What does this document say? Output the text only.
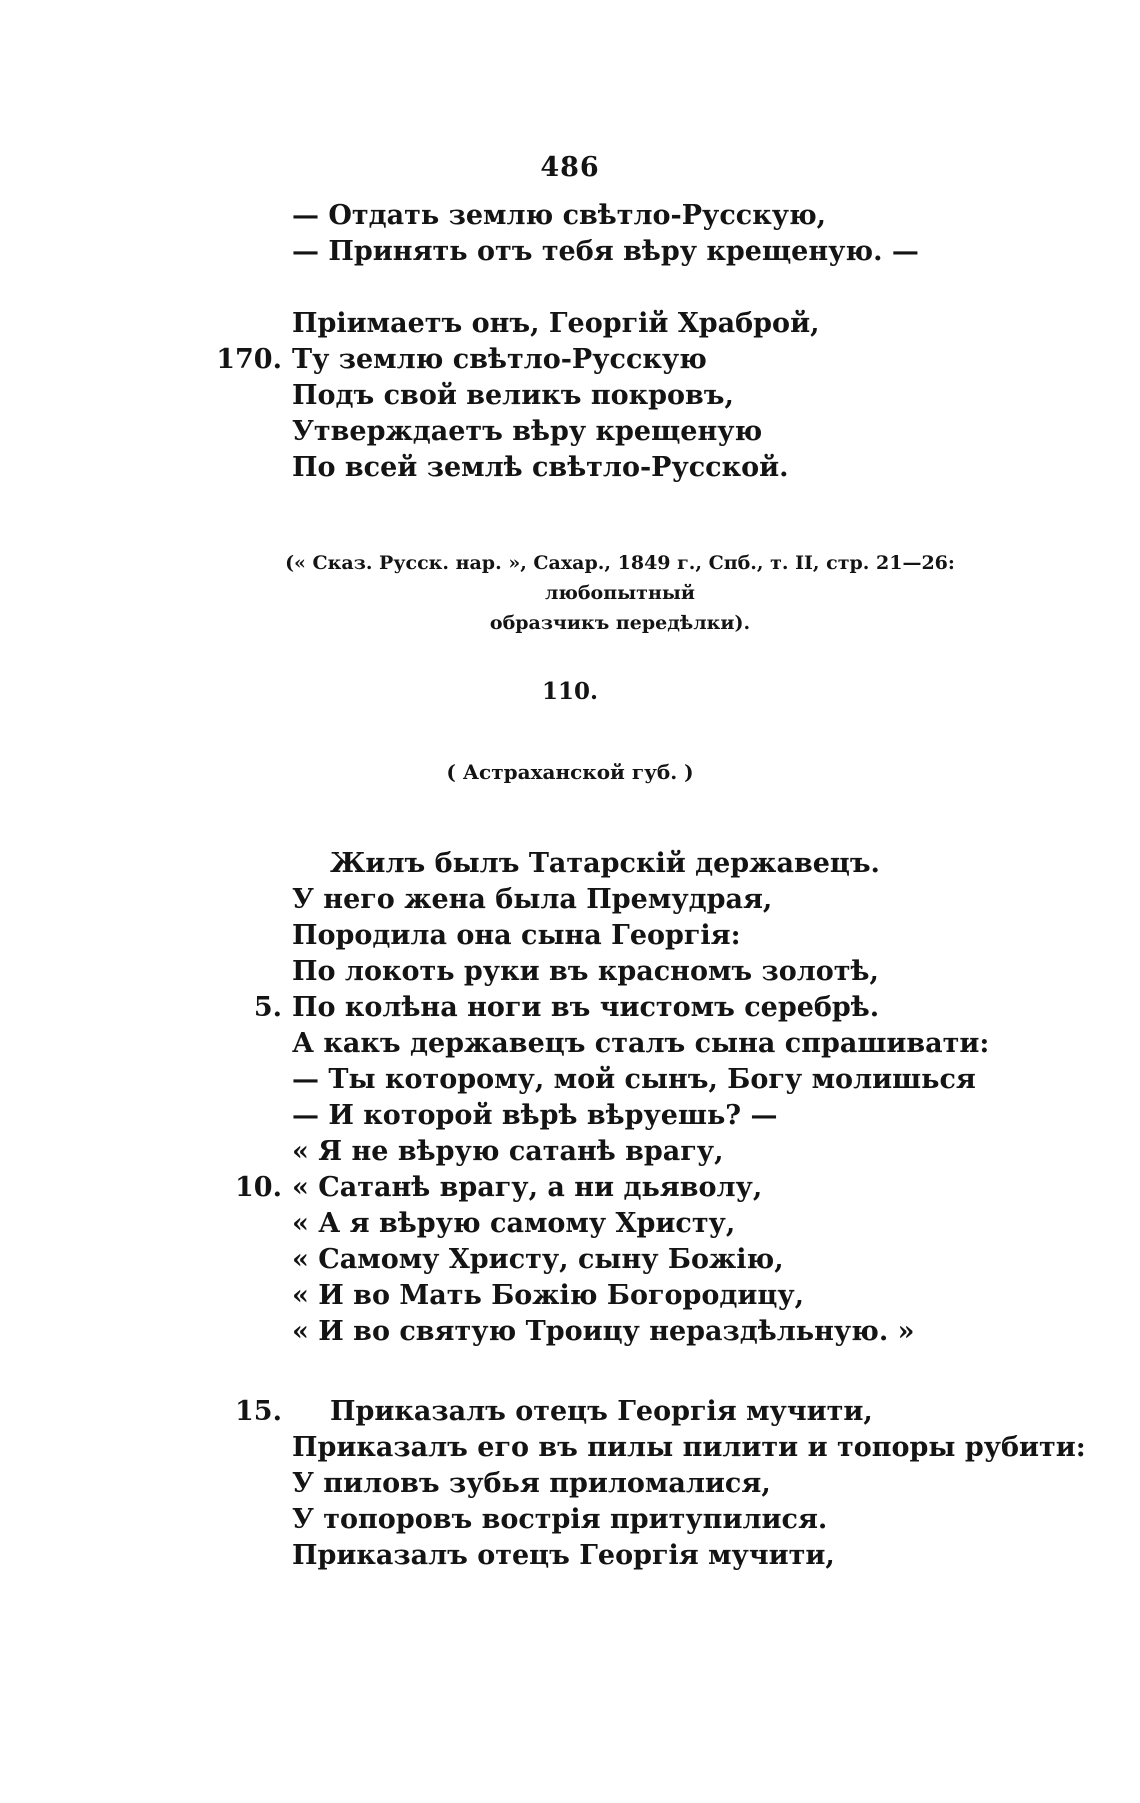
486
— Отдать землю свѣтло-Русскую,
— Принять отъ тебя вѣру крещеную. —
Пріимаетъ онъ, Георгій Храброй,
170. Ту землю свѣтло-Русскую
Подъ свой великъ покровъ,
Утверждаетъ вѣру крещеную
По всей землѣ свѣтло-Русской.
(« Сказ. Русск. нар. », Сахар., 1849 г., Спб., т. II, стр. 21—26: любопытный
образчикъ передѣлки).
110.
( Астраханской губ. )
Жилъ былъ Татарскій державецъ.
У него жена была Премудрая,
Породила она сына Георгія:
По локоть руки въ красномъ золотѣ,
5. По колѣна ноги въ чистомъ серебрѣ.
А какъ державецъ сталъ сына спрашивати:
— Ты которому, мой сынъ, Богу молишься
— И которой вѣрѣ вѣруешь? —
« Я не вѣрую сатанѣ врагу,
10. « Сатанѣ врагу, а ни дьяволу,
« А я вѣрую самому Христу,
« Самому Христу, сыну Божію,
« И во Мать Божію Богородицу,
« И во святую Троицу нераздѣльную. »
15. Приказалъ отецъ Георгія мучити,
Приказалъ его въ пилы пилити и топоры рубити:
У пиловъ зубья приломалися,
У топоровъ вострія притупилися.
Приказалъ отецъ Георгія мучити,
